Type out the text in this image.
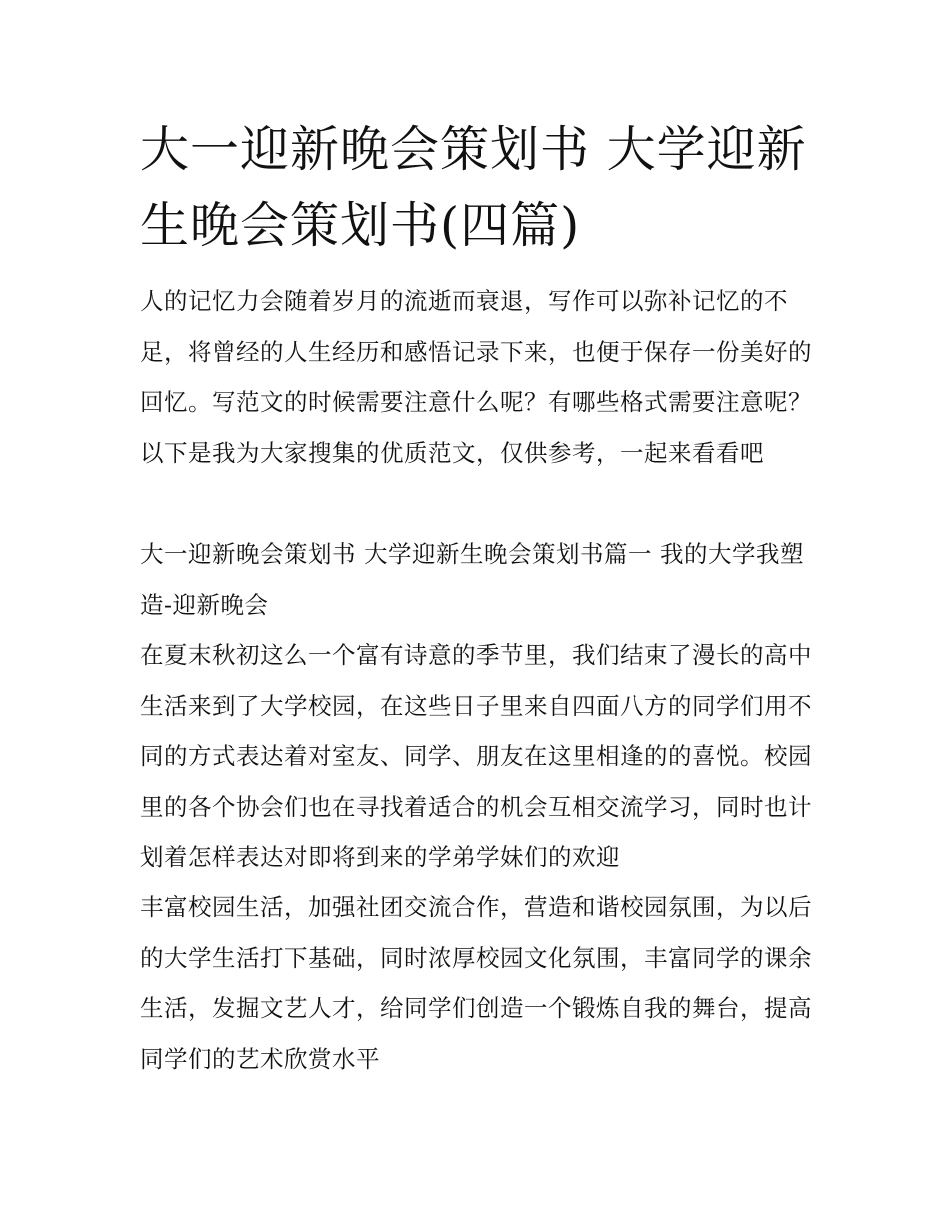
大一迎新晚会策划书 大学迎新生晚会策划书(四篇)

人的记忆力会随着岁月的流逝而衰退，写作可以弥补记忆的不足，将曾经的人生经历和感悟记录下来，也便于保存一份美好的回忆。写范文的时候需要注意什么呢？有哪些格式需要注意呢？以下是我为大家搜集的优质范文，仅供参考，一起来看看吧

大一迎新晚会策划书 大学迎新生晚会策划书篇一 我的大学我塑造-迎新晚会

在夏末秋初这么一个富有诗意的季节里，我们结束了漫长的高中生活来到了大学校园，在这些日子里来自四面八方的同学们用不同的方式表达着对室友、同学、朋友在这里相逢的的喜悦。校园里的各个协会们也在寻找着适合的机会互相交流学习，同时也计划着怎样表达对即将到来的学弟学妹们的欢迎

丰富校园生活，加强社团交流合作，营造和谐校园氛围，为以后的大学生活打下基础，同时浓厚校园文化氛围，丰富同学的课余生活，发掘文艺人才，给同学们创造一个锻炼自我的舞台，提高同学们的艺术欣赏水平
